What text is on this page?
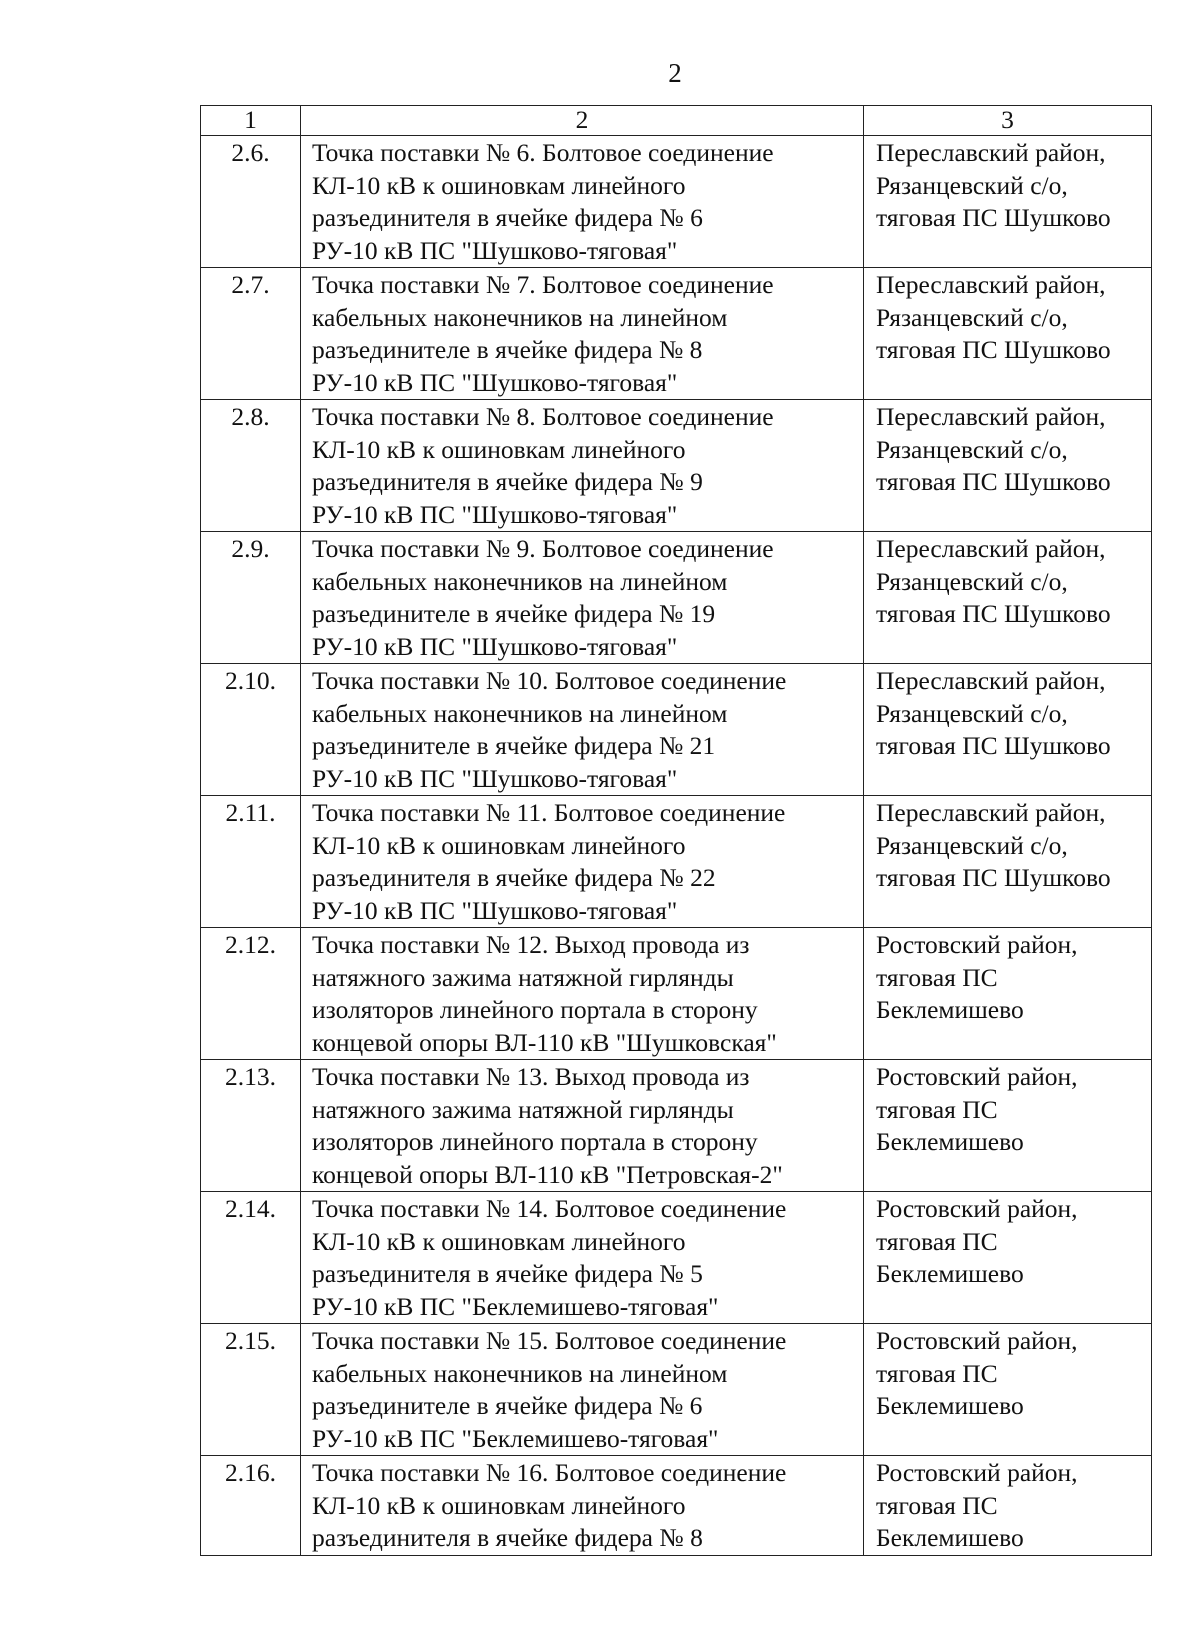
2
1	2	3

2.6.	Точка поставки № 6. Болтовое соединение
КЛ-10 кВ к ошиновкам линейного
разъединителя в ячейке фидера № 6
РУ-10 кВ ПС "Шушково-тяговая"	Переславский район,
Рязанцевский с/о,
тяговая ПС Шушково

2.7.	Точка поставки № 7. Болтовое соединение
кабельных наконечников на линейном
разъединителе в ячейке фидера № 8
РУ-10 кВ ПС "Шушково-тяговая"	Переславский район,
Рязанцевский с/о,
тяговая ПС Шушково

2.8.	Точка поставки № 8. Болтовое соединение
КЛ-10 кВ к ошиновкам линейного
разъединителя в ячейке фидера № 9
РУ-10 кВ ПС "Шушково-тяговая"	Переславский район,
Рязанцевский с/о,
тяговая ПС Шушково

2.9.	Точка поставки № 9. Болтовое соединение
кабельных наконечников на линейном
разъединителе в ячейке фидера № 19
РУ-10 кВ ПС "Шушково-тяговая"	Переславский район,
Рязанцевский с/о,
тяговая ПС Шушково

2.10.	Точка поставки № 10. Болтовое соединение
кабельных наконечников на линейном
разъединителе в ячейке фидера № 21
РУ-10 кВ ПС "Шушково-тяговая"	Переславский район,
Рязанцевский с/о,
тяговая ПС Шушково

2.11.	Точка поставки № 11. Болтовое соединение
КЛ-10 кВ к ошиновкам линейного
разъединителя в ячейке фидера № 22
РУ-10 кВ ПС "Шушково-тяговая"	Переславский район,
Рязанцевский с/о,
тяговая ПС Шушково

2.12.	Точка поставки № 12. Выход провода из
натяжного зажима натяжной гирлянды
изоляторов линейного портала в сторону
концевой опоры ВЛ-110 кВ "Шушковская"	Ростовский район,
тяговая ПС
Беклемишево

2.13.	Точка поставки № 13. Выход провода из
натяжного зажима натяжной гирлянды
изоляторов линейного портала в сторону
концевой опоры ВЛ-110 кВ "Петровская-2"	Ростовский район,
тяговая ПС
Беклемишево

2.14.	Точка поставки № 14. Болтовое соединение
КЛ-10 кВ к ошиновкам линейного
разъединителя в ячейке фидера № 5
РУ-10 кВ ПС "Беклемишево-тяговая"	Ростовский район,
тяговая ПС
Беклемишево

2.15.	Точка поставки № 15. Болтовое соединение
кабельных наконечников на линейном
разъединителе в ячейке фидера № 6
РУ-10 кВ ПС "Беклемишево-тяговая"	Ростовский район,
тяговая ПС
Беклемишево

2.16.	Точка поставки № 16. Болтовое соединение
КЛ-10 кВ к ошиновкам линейного
разъединителя в ячейке фидера № 8	Ростовский район,
тяговая ПС
Беклемишево
